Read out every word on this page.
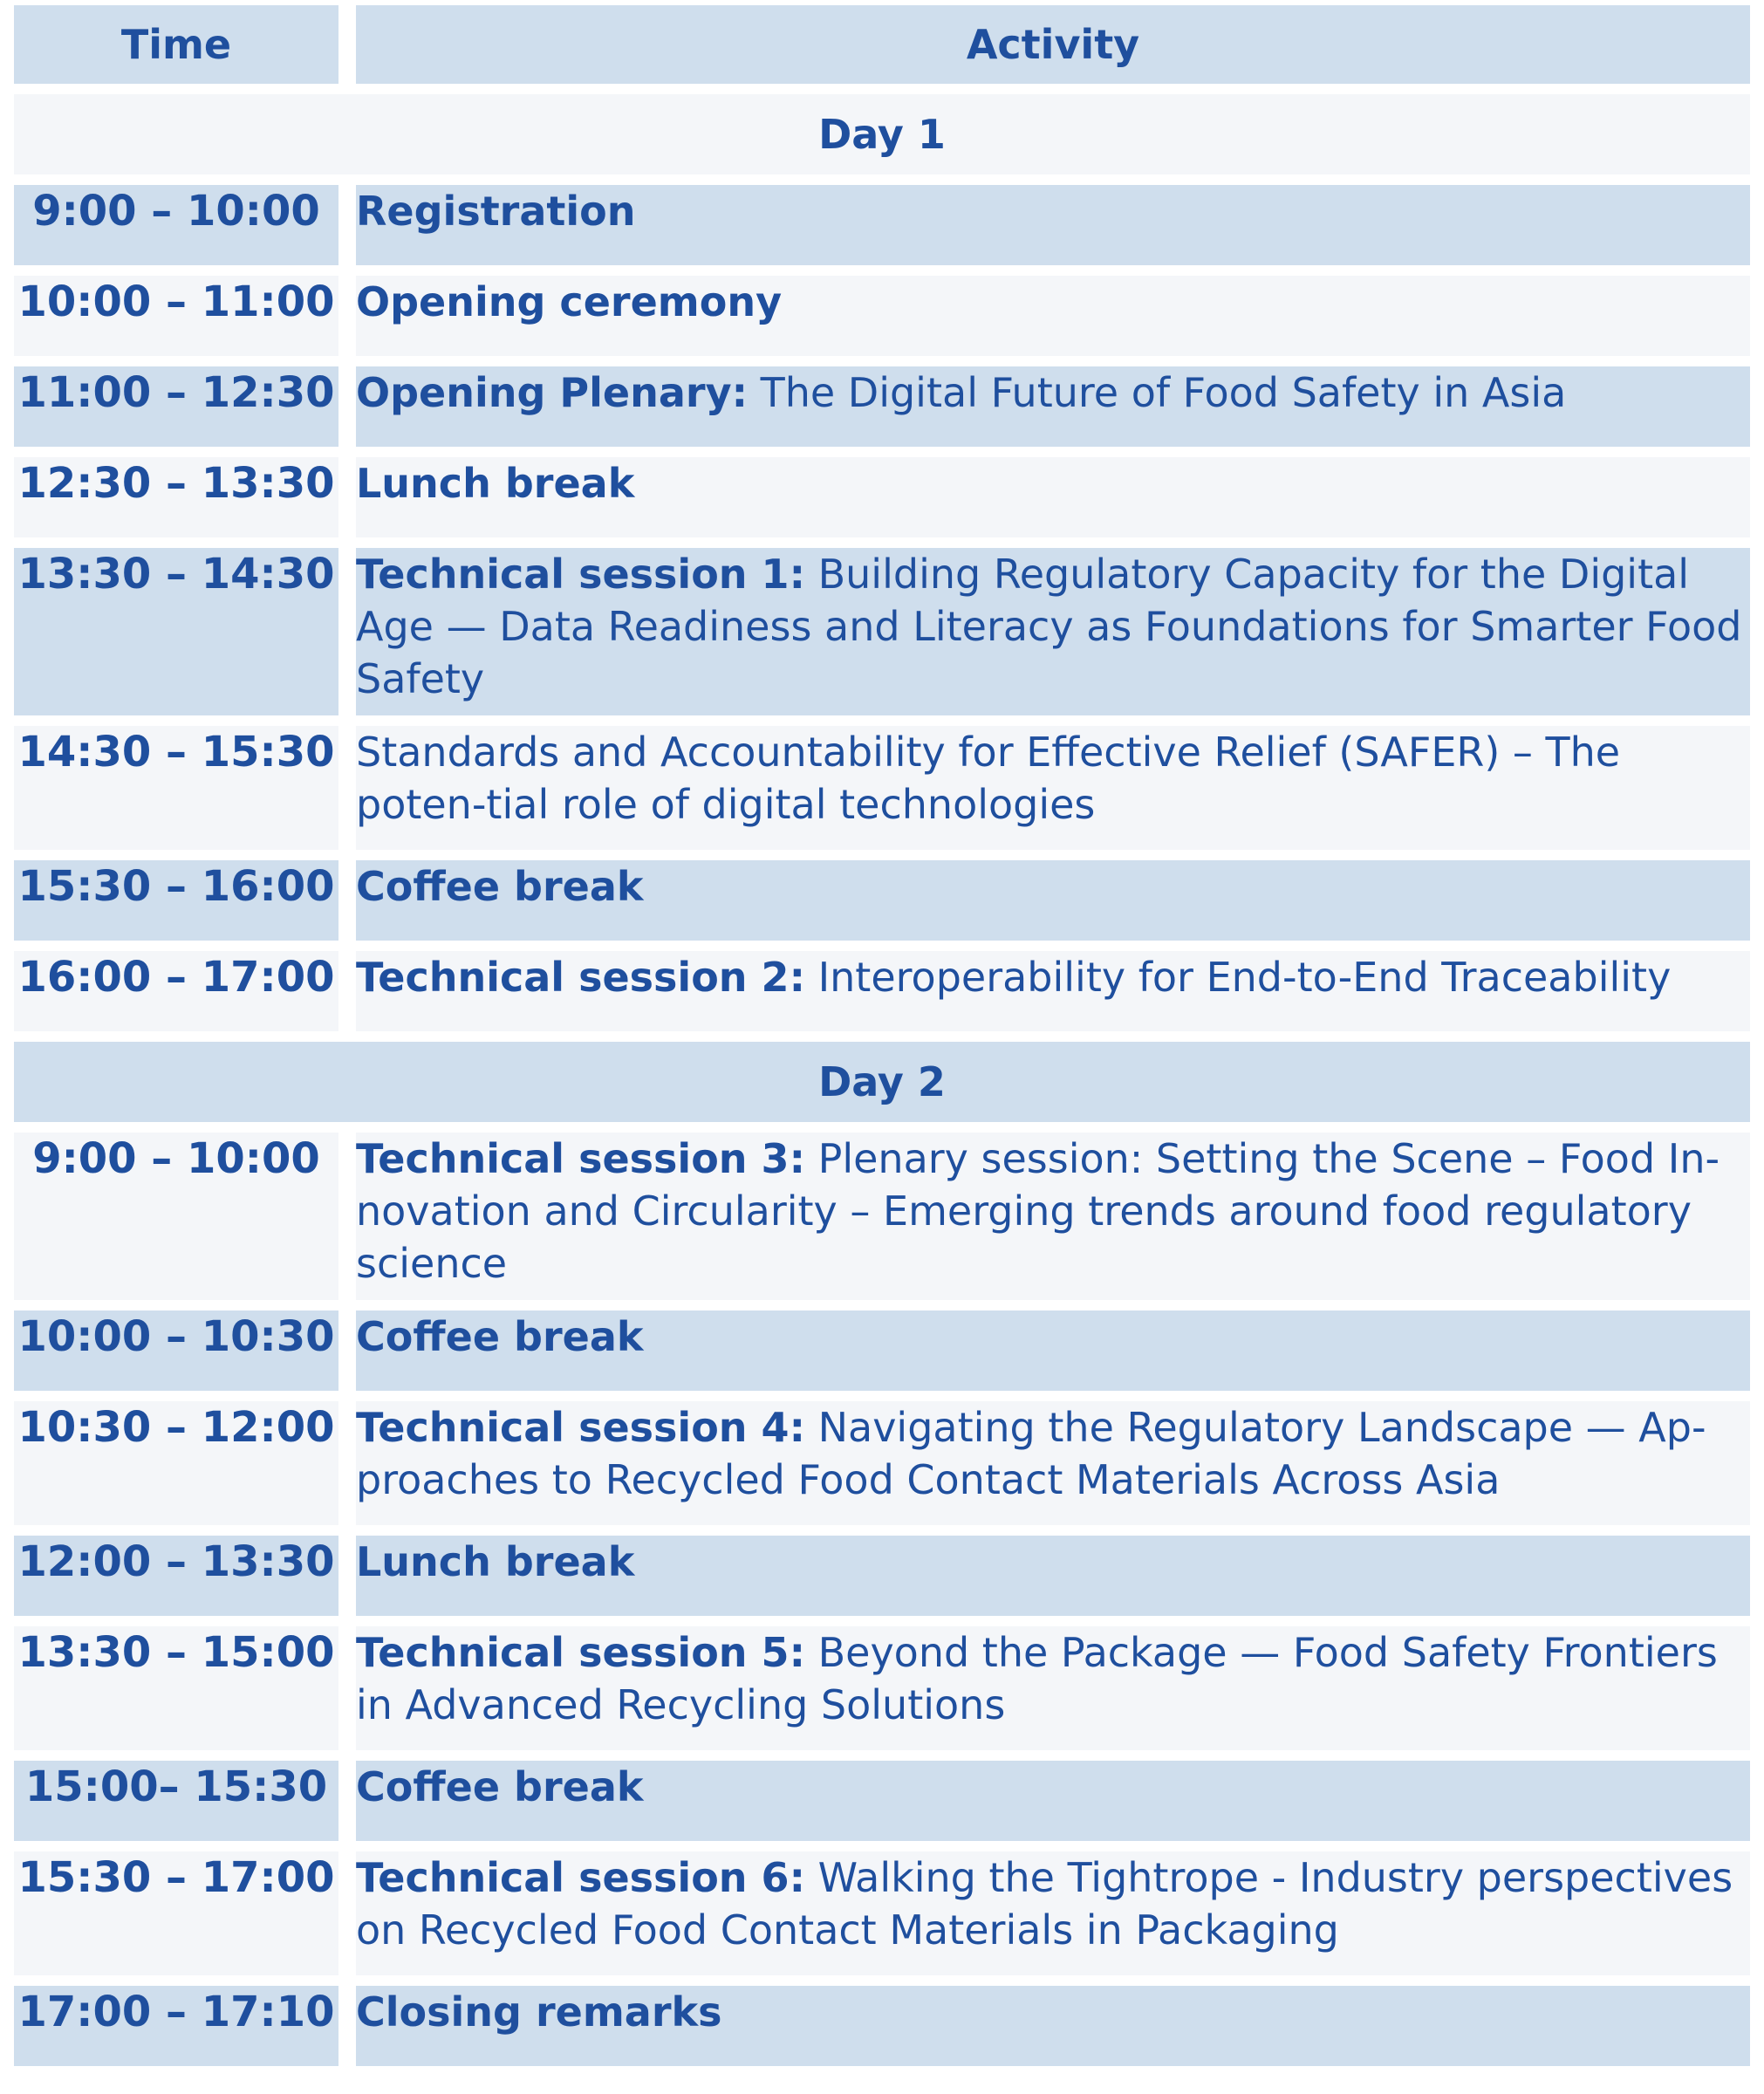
Time		Activity
Day 1		
9:00 – 10:00		Registration
10:00 – 11:00		Opening ceremony
11:00 – 12:30		Opening Plenary: The Digital Future of Food Safety in Asia
12:30 – 13:30		Lunch break
13:30 – 14:30		Technical session 1: Building Regulatory Capacity for the Digital Age — Data Readiness and Literacy as Foundations for Smarter Food Safety
14:30 – 15:30		Standards and Accountability for Effective Relief (SAFER) – The poten-tial role of digital technologies
15:30 – 16:00		Coffee break
16:00 – 17:00		Technical session 2: Interoperability for End-to-End Traceability
Day 2		
9:00 – 10:00		Technical session 3: Plenary session: Setting the Scene – Food In-novation and Circularity – Emerging trends around food regulatory science
10:00 – 10:30		Coffee break
10:30 – 12:00		Technical session 4: Navigating the Regulatory Landscape — Ap-proaches to Recycled Food Contact Materials Across Asia
12:00 – 13:30		Lunch break
13:30 – 15:00		Technical session 5: Beyond the Package — Food Safety Frontiers in Advanced Recycling Solutions
15:00– 15:30		Coffee break
15:30 – 17:00		Technical session 6: Walking the Tightrope - Industry perspectives on Recycled Food Contact Materials in Packaging
17:00 – 17:10		Closing remarks
